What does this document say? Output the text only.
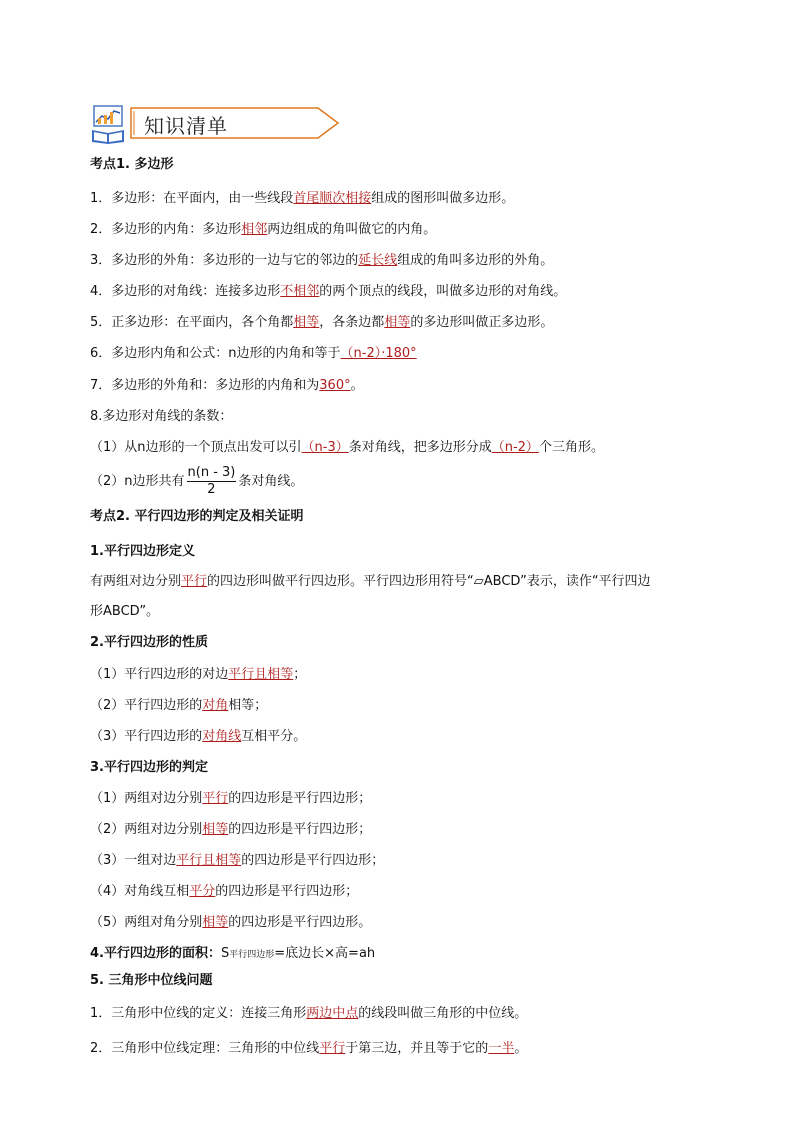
知识清单
考点1. 多边形
1．多边形：在平面内，由一些线段首尾顺次相接组成的图形叫做多边形。
2．多边形的内角：多边形相邻两边组成的角叫做它的内角。
3．多边形的外角：多边形的一边与它的邻边的延长线组成的角叫多边形的外角。
4．多边形的对角线：连接多边形不相邻的两个顶点的线段，叫做多边形的对角线。
5．正多边形：在平面内，各个角都相等，各条边都相等的多边形叫做正多边形。
6．多边形内角和公式：n边形的内角和等于（n-2）·180°
7．多边形的外角和：多边形的内角和为360°。
8.多边形对角线的条数：
（1）从n边形的一个顶点出发可以引（n-3）条对角线，把多边形分成（n-2）个三角形。
（2）n边形共有 $\frac{n(n - 3)}{2}$ 条对角线。
考点2. 平行四边形的判定及相关证明
1.平行四边形定义
有两组对边分别平行的四边形叫做平行四边形。平行四边形用符号“▱ABCD”表示，读作“平行四边
形ABCD”。
2.平行四边形的性质
（1）平行四边形的对边平行且相等；
（2）平行四边形的对角相等；
（3）平行四边形的对角线互相平分。
3.平行四边形的判定
（1）两组对边分别平行的四边形是平行四边形；
（2）两组对边分别相等的四边形是平行四边形；
（3）一组对边平行且相等的四边形是平行四边形；
（4）对角线互相平分的四边形是平行四边形；
（5）两组对角分别相等的四边形是平行四边形。
4.平行四边形的面积：S平行四边形=底边长×高=ah
5. 三角形中位线问题
1．三角形中位线的定义：连接三角形两边中点的线段叫做三角形的中位线。
2．三角形中位线定理：三角形的中位线平行于第三边，并且等于它的一半。
